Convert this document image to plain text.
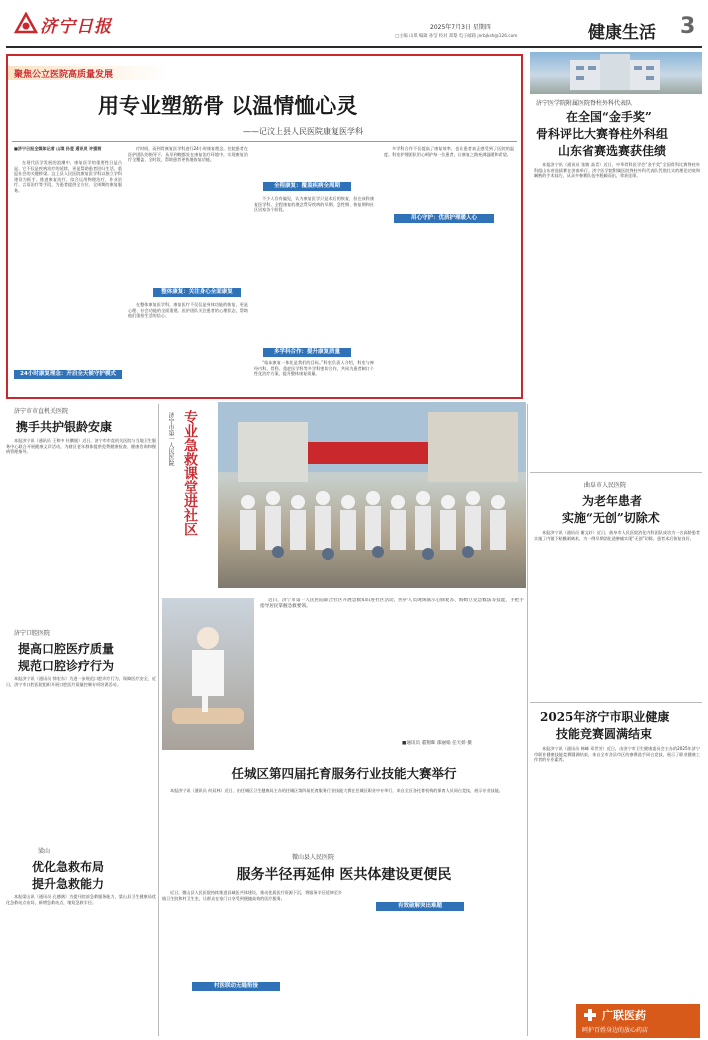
济宁日报	2025年7月3日 星期四
□主编 山琪 编辑 孙莹 校对 郑黎 电子邮箱 jnrbjksh@126.com	健康生活 3
聚焦公立医院高质量发展
用专业塑筋骨 以温情恤心灵
——记汶上县人民医院康复医学科
■济宁日报全媒体记者 山琪 孙莹 通讯员 许强茜

在现代医学发展的浪潮中，康复医学的重要性日益凸显。它不仅是疾病治疗的延续，更是帮助患者回归生活、重返社会的关键桥梁。汶上县人民医院康复医学科以独立学科建设为抓手，推进康复治疗，综合运用物理治疗、作业治疗、言语治疗等手段，为患者提供全方位、全周期的康复服务。

24小时康复理念：开启全天候守护模式

疗时间，而到骨康复医学科进行24小时康复理念。住院患者在医护团队的指导下，从早到晚都处在康复治疗环境中，实现康复治疗全覆盖、全时段，帮助患者更快地恢复功能。

整体康复：关注身心全面康复

在整体康复医学科，康复医疗不仅仅是身体功能的恢复，更是心理、社会功能的全面重建。医护团队关注患者的心理状态，帮助他们重拾生活的信心。

全程康复：覆盖疾病全周期

不少人存有偏见，认为康复医学只是术后的恢复，但在该科康复医学科，全程康复的理念贯穿疾病的早期、急性期、恢复期和社区居家各个阶段。

多学科合作：提升康复质量

“临床康复一体化是我们的目标。”科室负责人介绍，科室与神经内科、骨科、重症医学科等多学科密切合作，共同为患者制订个性化治疗方案，提升整体康复质量。

用心守护：优质护理暖人心

多学科合作不仅提高了康复效率，也让患者真正感受到了医院的温度。科室护理团队用心呵护每一位患者，让康复之路充满温暖和希望。

济宁医学院附属医院脊柱外科代表队
在全国“金手奖”
骨科评比大赛脊柱外科组
山东省赛选赛获佳绩

本报济宁讯（通讯员 张敏 高青）近日，中华骨科医学会“金手奖”全国骨科比赛脊柱外科组山东省选拔赛在济南举行。济宁医学院附属医院脊柱外科代表队凭借扎实的理论功底和娴熟的手术技巧，从众多参赛队伍中脱颖而出，荣获佳绩。

济宁市市直机关医院
携手共护银龄安康

本报济宁讯（通讯员 王和中 杜鹏媛）近日，济宁市市直机关医院与当地卫生服务中心联合开展健康义诊活动，为辖区老年群体提供免费健康检查、健康咨询和慢病管理指导。

济宁口腔医院
提高口腔医疗质量
规范口腔诊疗行为

本报济宁讯（通讯员 徐宏东）为进一步规范口腔诊疗行为，保障医疗安全，近日，济宁市口腔医院组织开展口腔医疗质量控制专项培训活动。

梁山
优化急救布局
提升急救能力

本报梁山讯（通讯员 孔德满）为提升院前急救服务能力，梁山县卫生健康局优化急救站点布局，新增急救站点，缩短急救半径。

济宁市第一人民医院 专业急救课堂进社区

近日，济宁市第一人民医院联合社区开展急救知识进社区活动，医护人员现场演示心肺复苏、海姆立克急救法等技能，手把手指导居民掌握急救要领。

■通讯员 董翔晖 邵丽娟 任天娇 摄
任城区第四届托育服务行业技能大赛举行

本报济宁讯（通讯员 何双林）近日，由任城区卫生健康局主办的任城区第四届托育服务行业技能大赛在任城区职业中专举行，来自全区各托育机构的保育人员同台竞技，展示专业技能。

微山县人民医院
服务半径再延伸 医共体建设更便民

近日，微山县人民医院持续推进县域医共体建设，推动优质医疗资源下沉，将服务半径延伸至乡镇卫生院和村卫生室，让群众在家门口享受到便捷高效的医疗服务。

有效破解突出难题
村医联动无缝衔接
曲阜市人民医院
为老年患者
实施“无创”切除术

本报济宁讯（通讯员 谢文轩）近日，曲阜市人民医院消化内科团队成功为一名高龄患者实施了内镜下粘膜剥离术，为一例早期消化道肿瘤实现“无创”切除，患者术后恢复良好。

2025年济宁市职业健康
技能竞赛圆满结束

本报济宁讯（通讯员 韩峰 邓世芳）近日，由济宁市卫生健康委员会主办的2025年济宁市职业健康技能竞赛圆满结束，来自全市各县市区的参赛选手同台竞技，展示了职业健康工作者的专业素养。

广联医药
呵护百姓身边的放心药店
